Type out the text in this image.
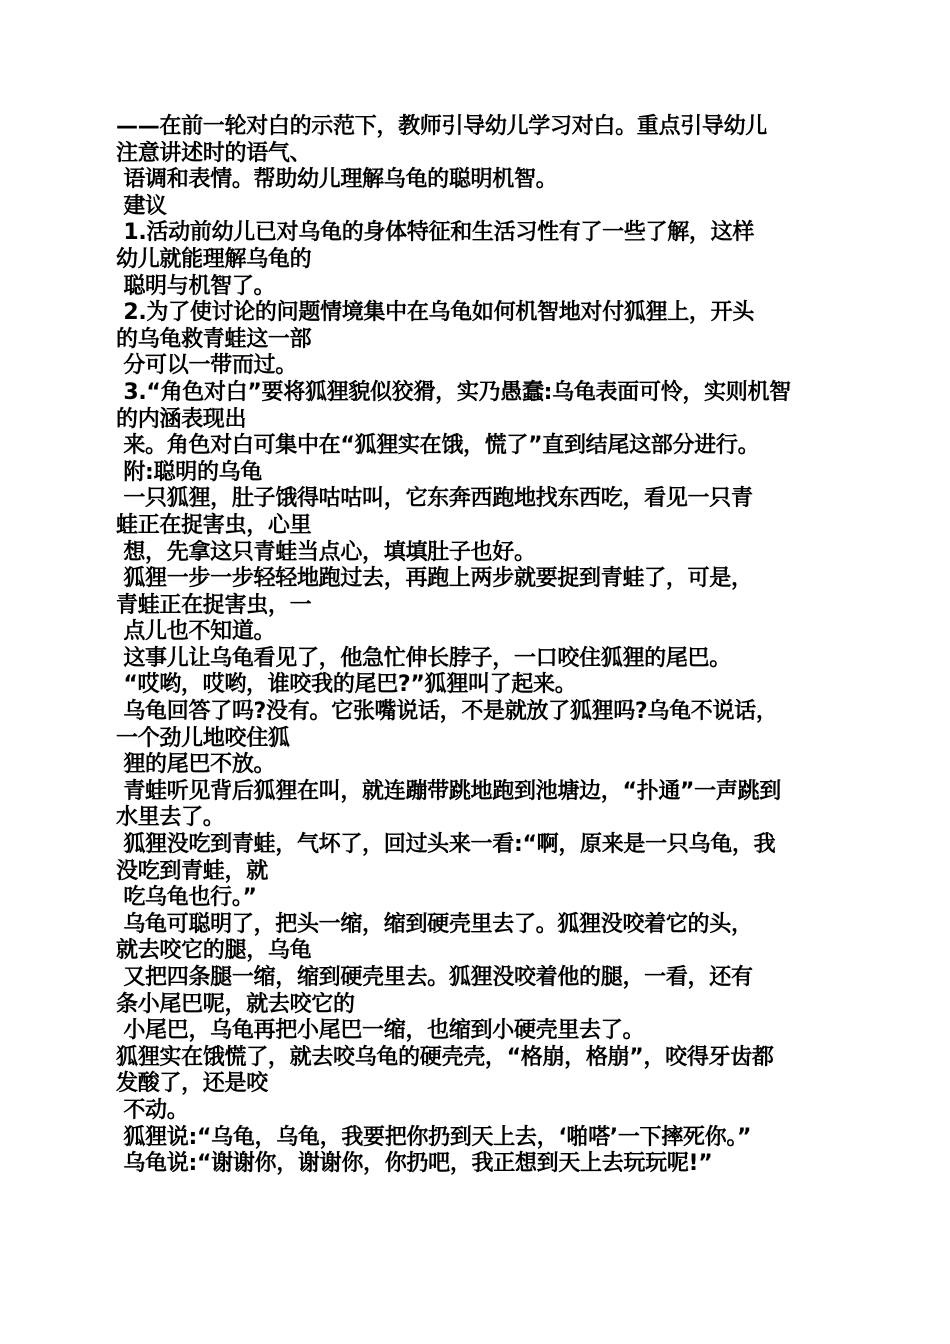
——在前一轮对白的示范下，教师引导幼儿学习对白。重点引导幼儿
注意讲述时的语气、
语调和表情。帮助幼儿理解乌龟的聪明机智。
建议
1.活动前幼儿已对乌龟的身体特征和生活习性有了一些了解，这样
幼儿就能理解乌龟的
聪明与机智了。
2.为了使讨论的问题情境集中在乌龟如何机智地对付狐狸上，开头
的乌龟救青蛙这一部
分可以一带而过。
3.“角色对白”要将狐狸貌似狡猾，实乃愚蠢:乌龟表面可怜，实则机智
的内涵表现出
来。角色对白可集中在“狐狸实在饿，慌了”直到结尾这部分进行。
附:聪明的乌龟
一只狐狸，肚子饿得咕咕叫，它东奔西跑地找东西吃，看见一只青
蛙正在捉害虫，心里
想，先拿这只青蛙当点心，填填肚子也好。
狐狸一步一步轻轻地跑过去，再跑上两步就要捉到青蛙了，可是，
青蛙正在捉害虫，一
点儿也不知道。
这事儿让乌龟看见了，他急忙伸长脖子，一口咬住狐狸的尾巴。
“哎哟，哎哟，谁咬我的尾巴?”狐狸叫了起来。
乌龟回答了吗?没有。它张嘴说话，不是就放了狐狸吗?乌龟不说话，
一个劲儿地咬住狐
狸的尾巴不放。
青蛙听见背后狐狸在叫，就连蹦带跳地跑到池塘边，“扑通”一声跳到
水里去了。
狐狸没吃到青蛙，气坏了，回过头来一看:“啊，原来是一只乌龟，我
没吃到青蛙，就
吃乌龟也行。”
乌龟可聪明了，把头一缩，缩到硬壳里去了。狐狸没咬着它的头，
就去咬它的腿，乌龟
又把四条腿一缩，缩到硬壳里去。狐狸没咬着他的腿，一看，还有
条小尾巴呢，就去咬它的
小尾巴，乌龟再把小尾巴一缩，也缩到小硬壳里去了。
狐狸实在饿慌了，就去咬乌龟的硬壳壳，“格崩，格崩”，咬得牙齿都
发酸了，还是咬
不动。
狐狸说:“乌龟，乌龟，我要把你扔到天上去，‘啪嗒’一下摔死你。”
乌龟说:“谢谢你，谢谢你，你扔吧，我正想到天上去玩玩呢!”
